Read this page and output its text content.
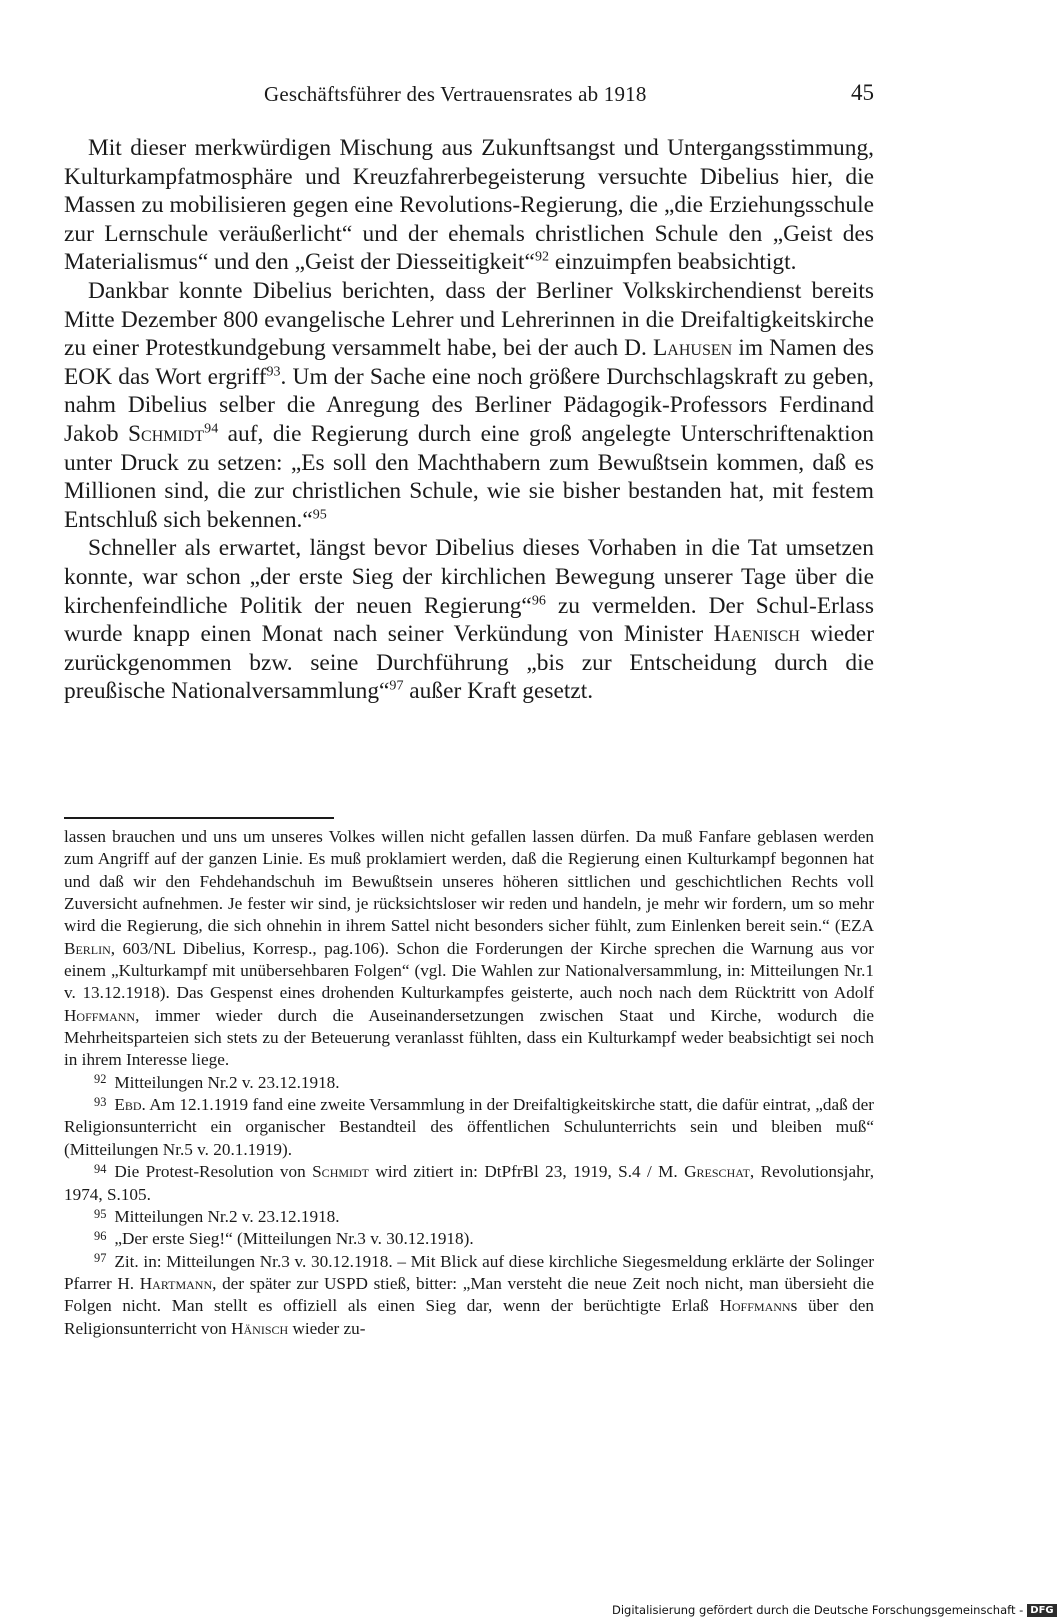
Geschäftsführer des Vertrauensrates ab 1918	45

Mit dieser merkwürdigen Mischung aus Zukunftsangst und Untergangsstimmung, Kulturkampfatmosphäre und Kreuzfahrerbegeisterung versuchte Dibelius hier, die Massen zu mobilisieren gegen eine Revolutions-Regierung, die „die Erziehungsschule zur Lernschule veräußerlicht“ und der ehemals christlichen Schule den „Geist des Materialismus“ und den „Geist der Diesseitigkeit“$^{92}$ einzuimpfen beabsichtigt.

Dankbar konnte Dibelius berichten, dass der Berliner Volkskirchendienst bereits Mitte Dezember 800 evangelische Lehrer und Lehrerinnen in die Dreifaltigkeitskirche zu einer Protestkundgebung versammelt habe, bei der auch D. Lahusen im Namen des EOK das Wort ergriff$^{93}$. Um der Sache eine noch größere Durchschlagskraft zu geben, nahm Dibelius selber die Anregung des Berliner Pädagogik-Professors Ferdinand Jakob Schmidt$^{94}$ auf, die Regierung durch eine groß angelegte Unterschriftenaktion unter Druck zu setzen: „Es soll den Machthabern zum Bewußtsein kommen, daß es Millionen sind, die zur christlichen Schule, wie sie bisher bestanden hat, mit festem Entschluß sich bekennen.“$^{95}$

Schneller als erwartet, längst bevor Dibelius dieses Vorhaben in die Tat umsetzen konnte, war schon „der erste Sieg der kirchlichen Bewegung unserer Tage über die kirchenfeindliche Politik der neuen Regierung“$^{96}$ zu vermelden. Der Schul-Erlass wurde knapp einen Monat nach seiner Verkündung von Minister Haenisch wieder zurückgenommen bzw. seine Durchführung „bis zur Entscheidung durch die preußische Nationalversammlung“$^{97}$ außer Kraft gesetzt.

lassen brauchen und uns um unseres Volkes willen nicht gefallen lassen dürfen. Da muß Fanfare geblasen werden zum Angriff auf der ganzen Linie. Es muß proklamiert werden, daß die Regierung einen Kulturkampf begonnen hat und daß wir den Fehdehandschuh im Bewußtsein unseres höheren sittlichen und geschichtlichen Rechts voll Zuversicht aufnehmen. Je fester wir sind, je rücksichtsloser wir reden und handeln, je mehr wir fordern, um so mehr wird die Regierung, die sich ohnehin in ihrem Sattel nicht besonders sicher fühlt, zum Einlenken bereit sein.“ (EZA Berlin, 603/NL Dibelius, Korresp., pag.106). Schon die Forderungen der Kirche sprechen die Warnung aus vor einem „Kulturkampf mit unübersehbaren Folgen“ (vgl. Die Wahlen zur Nationalversammlung, in: Mitteilungen Nr.1 v. 13.12.1918). Das Gespenst eines drohenden Kulturkampfes geisterte, auch noch nach dem Rücktritt von Adolf Hoffmann, immer wieder durch die Auseinandersetzungen zwischen Staat und Kirche, wodurch die Mehrheitsparteien sich stets zu der Beteuerung veranlasst fühlten, dass ein Kulturkampf weder beabsichtigt sei noch in ihrem Interesse liege.

$^{92}$ Mitteilungen Nr.2 v. 23.12.1918.

$^{93}$ Ebd. Am 12.1.1919 fand eine zweite Versammlung in der Dreifaltigkeitskirche statt, die dafür eintrat, „daß der Religionsunterricht ein organischer Bestandteil des öffentlichen Schulunterrichts sein und bleiben muß“ (Mitteilungen Nr.5 v. 20.1.1919).

$^{94}$ Die Protest-Resolution von Schmidt wird zitiert in: DtPfrBl 23, 1919, S.4 / M. Greschat, Revolutionsjahr, 1974, S.105.

$^{95}$ Mitteilungen Nr.2 v. 23.12.1918.

$^{96}$ „Der erste Sieg!“ (Mitteilungen Nr.3 v. 30.12.1918).

$^{97}$ Zit. in: Mitteilungen Nr.3 v. 30.12.1918. – Mit Blick auf diese kirchliche Siegesmeldung erklärte der Solinger Pfarrer H. Hartmann, der später zur USPD stieß, bitter: „Man versteht die neue Zeit noch nicht, man übersieht die Folgen nicht. Man stellt es offiziell als einen Sieg dar, wenn der berüchtigte Erlaß Hoffmanns über den Religionsunterricht von Hänisch wieder zu-

Digitalisierung gefördert durch die Deutsche Forschungsgemeinschaft - DFG
